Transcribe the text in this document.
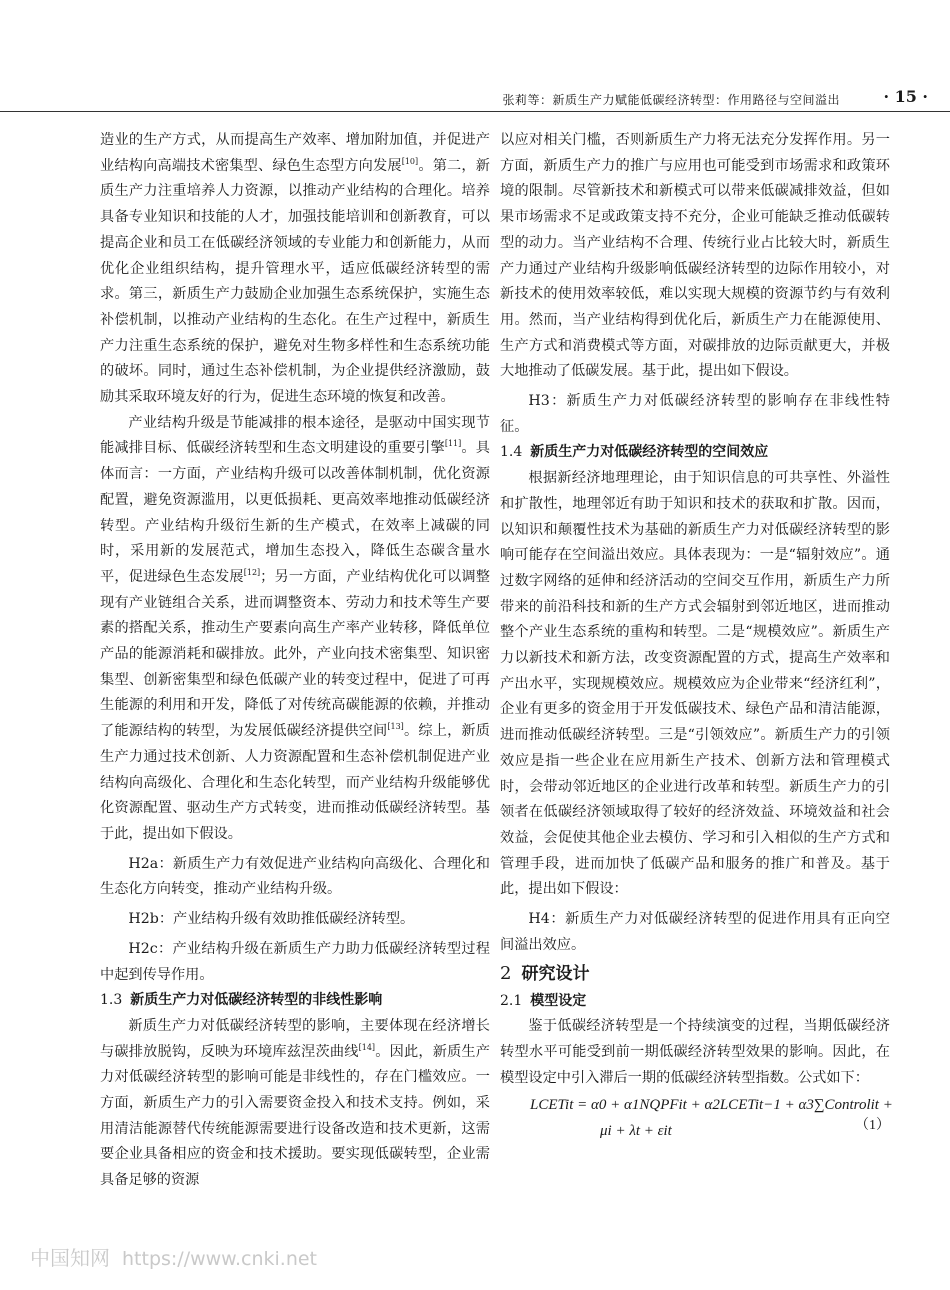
张莉等：新质生产力赋能低碳经济转型：作用路径与空间溢出	· 15 ·

造业的生产方式，从而提高生产效率、增加附加值，并促进产业结构向高端技术密集型、绿色生态型方向发展[10]。第二，新质生产力注重培养人力资源，以推动产业结构的合理化。培养具备专业知识和技能的人才，加强技能培训和创新教育，可以提高企业和员工在低碳经济领域的专业能力和创新能力，从而优化企业组织结构，提升管理水平，适应低碳经济转型的需求。第三，新质生产力鼓励企业加强生态系统保护，实施生态补偿机制，以推动产业结构的生态化。在生产过程中，新质生产力注重生态系统的保护，避免对生物多样性和生态系统功能的破坏。同时，通过生态补偿机制，为企业提供经济激励，鼓励其采取环境友好的行为，促进生态环境的恢复和改善。

产业结构升级是节能减排的根本途径，是驱动中国实现节能减排目标、低碳经济转型和生态文明建设的重要引擎[11]。具体而言：一方面，产业结构升级可以改善体制机制，优化资源配置，避免资源滥用，以更低损耗、更高效率地推动低碳经济转型。产业结构升级衍生新的生产模式，在效率上减碳的同时，采用新的发展范式，增加生态投入，降低生态碳含量水平，促进绿色生态发展[12]；另一方面，产业结构优化可以调整现有产业链组合关系，进而调整资本、劳动力和技术等生产要素的搭配关系，推动生产要素向高生产率产业转移，降低单位产品的能源消耗和碳排放。此外，产业向技术密集型、知识密集型、创新密集型和绿色低碳产业的转变过程中，促进了可再生能源的利用和开发，降低了对传统高碳能源的依赖，并推动了能源结构的转型，为发展低碳经济提供空间[13]。综上，新质生产力通过技术创新、人力资源配置和生态补偿机制促进产业结构向高级化、合理化和生态化转型，而产业结构升级能够优化资源配置、驱动生产方式转变，进而推动低碳经济转型。基于此，提出如下假设。

H2a：新质生产力有效促进产业结构向高级化、合理化和生态化方向转变，推动产业结构升级。

H2b：产业结构升级有效助推低碳经济转型。

H2c：产业结构升级在新质生产力助力低碳经济转型过程中起到传导作用。

1.3 新质生产力对低碳经济转型的非线性影响

新质生产力对低碳经济转型的影响，主要体现在经济增长与碳排放脱钩，反映为环境库兹涅茨曲线[14]。因此，新质生产力对低碳经济转型的影响可能是非线性的，存在门槛效应。一方面，新质生产力的引入需要资金投入和技术支持。例如，采用清洁能源替代传统能源需要进行设备改造和技术更新，这需要企业具备相应的资金和技术援助。要实现低碳转型，企业需具备足够的资源

以应对相关门槛，否则新质生产力将无法充分发挥作用。另一方面，新质生产力的推广与应用也可能受到市场需求和政策环境的限制。尽管新技术和新模式可以带来低碳减排效益，但如果市场需求不足或政策支持不充分，企业可能缺乏推动低碳转型的动力。当产业结构不合理、传统行业占比较大时，新质生产力通过产业结构升级影响低碳经济转型的边际作用较小，对新技术的使用效率较低，难以实现大规模的资源节约与有效利用。然而，当产业结构得到优化后，新质生产力在能源使用、生产方式和消费模式等方面，对碳排放的边际贡献更大，并极大地推动了低碳发展。基于此，提出如下假设。

H3：新质生产力对低碳经济转型的影响存在非线性特征。

1.4 新质生产力对低碳经济转型的空间效应

根据新经济地理理论，由于知识信息的可共享性、外溢性和扩散性，地理邻近有助于知识和技术的获取和扩散。因而，以知识和颠覆性技术为基础的新质生产力对低碳经济转型的影响可能存在空间溢出效应。具体表现为：一是“辐射效应”。通过数字网络的延伸和经济活动的空间交互作用，新质生产力所带来的前沿科技和新的生产方式会辐射到邻近地区，进而推动整个产业生态系统的重构和转型。二是“规模效应”。新质生产力以新技术和新方法，改变资源配置的方式，提高生产效率和产出水平，实现规模效应。规模效应为企业带来“经济红利”，企业有更多的资金用于开发低碳技术、绿色产品和清洁能源，进而推动低碳经济转型。三是“引领效应”。新质生产力的引领效应是指一些企业在应用新生产技术、创新方法和管理模式时，会带动邻近地区的企业进行改革和转型。新质生产力的引领者在低碳经济领域取得了较好的经济效益、环境效益和社会效益，会促使其他企业去模仿、学习和引入相似的生产方式和管理手段，进而加快了低碳产品和服务的推广和普及。基于此，提出如下假设：

H4：新质生产力对低碳经济转型的促进作用具有正向空间溢出效应。

2 研究设计

2.1 模型设定

鉴于低碳经济转型是一个持续演变的过程，当期低碳经济转型水平可能受到前一期低碳经济转型效果的影响。因此，在模型设定中引入滞后一期的低碳经济转型指数。公式如下：

LCETit = α0 + α1NQPFit + α2LCETit−1 + α3∑Controlit +
μi + λt + εit	（1）
中国知网 https://www.cnki.net
